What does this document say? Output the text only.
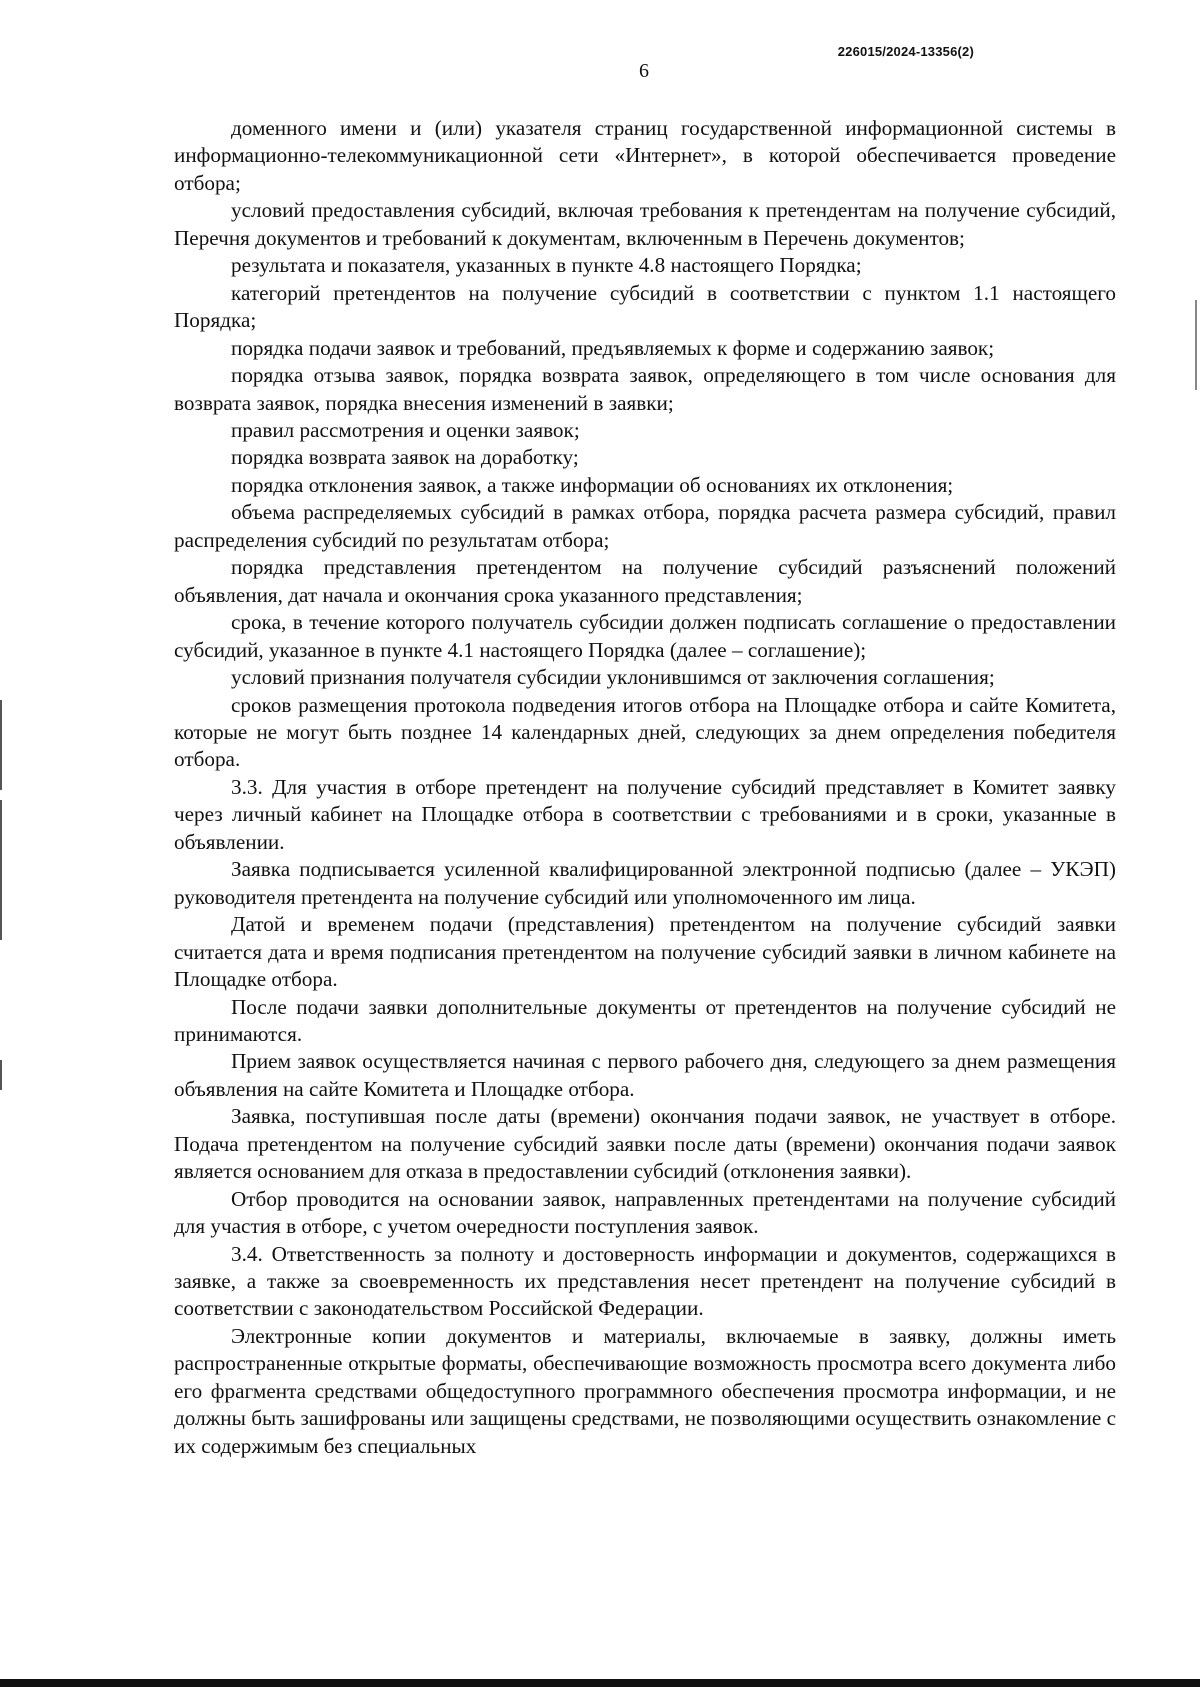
226015/2024-13356(2)
6

доменного имени и (или) указателя страниц государственной информационной системы в информационно-телекоммуникационной сети «Интернет», в которой обеспечивается проведение отбора;

условий предоставления субсидий, включая требования к претендентам на получение субсидий, Перечня документов и требований к документам, включенным в Перечень документов;

результата и показателя, указанных в пункте 4.8 настоящего Порядка;

категорий претендентов на получение субсидий в соответствии с пунктом 1.1 настоящего Порядка;

порядка подачи заявок и требований, предъявляемых к форме и содержанию заявок;

порядка отзыва заявок, порядка возврата заявок, определяющего в том числе основания для возврата заявок, порядка внесения изменений в заявки;

правил рассмотрения и оценки заявок;

порядка возврата заявок на доработку;

порядка отклонения заявок, а также информации об основаниях их отклонения;

объема распределяемых субсидий в рамках отбора, порядка расчета размера субсидий, правил распределения субсидий по результатам отбора;

порядка представления претендентом на получение субсидий разъяснений положений объявления, дат начала и окончания срока указанного представления;

срока, в течение которого получатель субсидии должен подписать соглашение о предоставлении субсидий, указанное в пункте 4.1 настоящего Порядка (далее – соглашение);

условий признания получателя субсидии уклонившимся от заключения соглашения;

сроков размещения протокола подведения итогов отбора на Площадке отбора и сайте Комитета, которые не могут быть позднее 14 календарных дней, следующих за днем определения победителя отбора.

3.3. Для участия в отборе претендент на получение субсидий представляет в Комитет заявку через личный кабинет на Площадке отбора в соответствии с требованиями и в сроки, указанные в объявлении.

Заявка подписывается усиленной квалифицированной электронной подписью (далее – УКЭП) руководителя претендента на получение субсидий или уполномоченного им лица.

Датой и временем подачи (представления) претендентом на получение субсидий заявки считается дата и время подписания претендентом на получение субсидий заявки в личном кабинете на Площадке отбора.

После подачи заявки дополнительные документы от претендентов на получение субсидий не принимаются.

Прием заявок осуществляется начиная с первого рабочего дня, следующего за днем размещения объявления на сайте Комитета и Площадке отбора.

Заявка, поступившая после даты (времени) окончания подачи заявок, не участвует в отборе. Подача претендентом на получение субсидий заявки после даты (времени) окончания подачи заявок является основанием для отказа в предоставлении субсидий (отклонения заявки).

Отбор проводится на основании заявок, направленных претендентами на получение субсидий для участия в отборе, с учетом очередности поступления заявок.

3.4. Ответственность за полноту и достоверность информации и документов, содержащихся в заявке, а также за своевременность их представления несет претендент на получение субсидий в соответствии с законодательством Российской Федерации.

Электронные копии документов и материалы, включаемые в заявку, должны иметь распространенные открытые форматы, обеспечивающие возможность просмотра всего документа либо его фрагмента средствами общедоступного программного обеспечения просмотра информации, и не должны быть зашифрованы или защищены средствами, не позволяющими осуществить ознакомление с их содержимым без специальных
